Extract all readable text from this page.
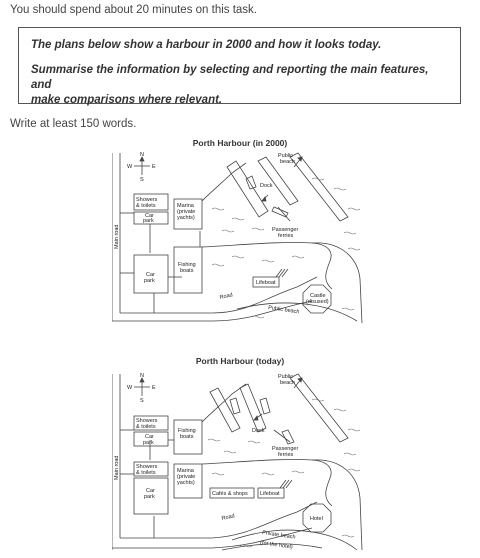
You should spend about 20 minutes on this task.
The plans below show a harbour in 2000 and how it looks today.
Summarise the information by selecting and reporting the main features, and
make comparisons where relevant.
Write at least 150 words.
Porth Harbour (in 2000)
N
S
E
W
Showers
& toilets
Car
park
Marina
(private
yachts)
Fishing
boats
Car
park
Dock
Public
beach
Passenger
ferries
Lifeboat
Road
Main road
Castle
(disused)
Public beach
Porth Harbour (today)
N
S
E
W
Showers
& toilets
Car
park
Fishing
boats
Showers
& toilets	Marina
(private
yachts)
Car
park	Cafés & shops Lifeboat
Dock
Public
beach
Passenger
ferries
Road
Main road
Hotel
Private beach
(for the hotel)
